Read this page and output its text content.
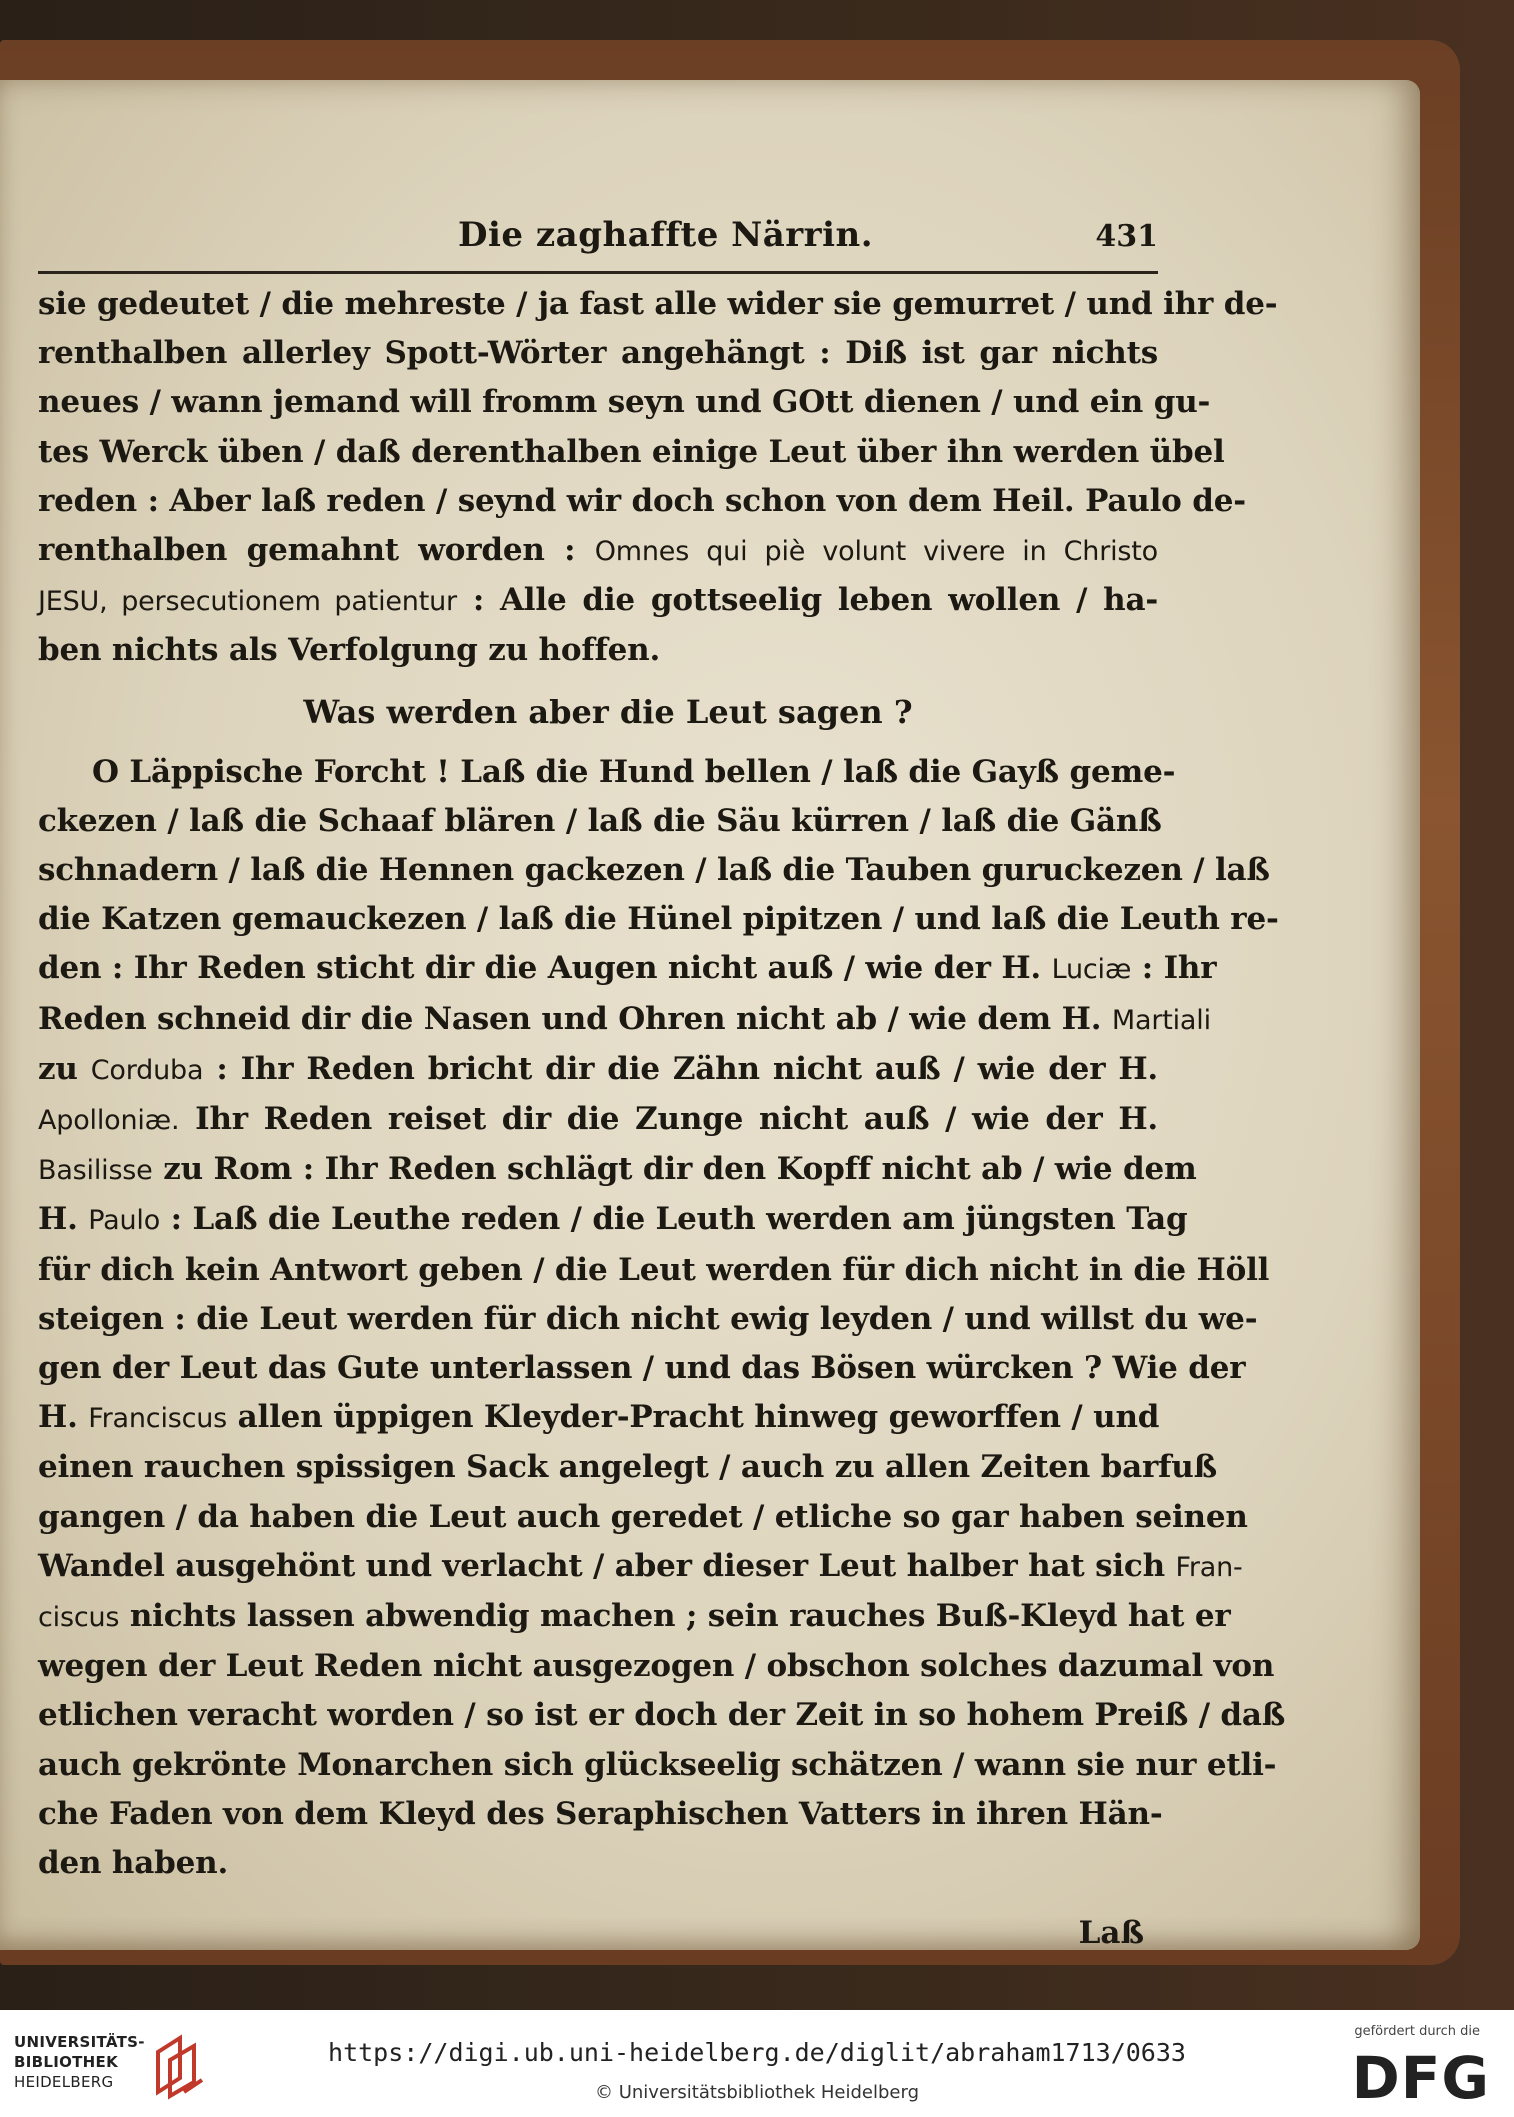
Die zaghaffte Närrin.	431
sie gedeutet / die mehreste / ja fast alle wider sie gemurret / und ihr de-
renthalben allerley Spott-Wörter angehängt : Diß ist gar nichts
neues / wann jemand will fromm seyn und GOtt dienen / und ein gu-
tes Werck üben / daß derenthalben einige Leut über ihn werden übel
reden : Aber laß reden / seynd wir doch schon von dem Heil. Paulo de-
renthalben gemahnt worden : Omnes qui piè volunt vivere in Christo
JESU, persecutionem patientur : Alle die gottseelig leben wollen / ha-
ben nichts als Verfolgung zu hoffen.
Was werden aber die Leut sagen ?
O Läppische Forcht ! Laß die Hund bellen / laß die Gayß geme-
ckezen / laß die Schaaf blären / laß die Säu kürren / laß die Gänß
schnadern / laß die Hennen gackezen / laß die Tauben guruckezen / laß
die Katzen gemauckezen / laß die Hünel pipitzen / und laß die Leuth re-
den : Ihr Reden sticht dir die Augen nicht auß / wie der H. Luciæ : Ihr
Reden schneid dir die Nasen und Ohren nicht ab / wie dem H. Martiali
zu Corduba : Ihr Reden bricht dir die Zähn nicht auß / wie der H.
Apolloniæ. Ihr Reden reiset dir die Zunge nicht auß / wie der H.
Basilisse zu Rom : Ihr Reden schlägt dir den Kopff nicht ab / wie dem
H. Paulo : Laß die Leuthe reden / die Leuth werden am jüngsten Tag
für dich kein Antwort geben / die Leut werden für dich nicht in die Höll
steigen : die Leut werden für dich nicht ewig leyden / und willst du we-
gen der Leut das Gute unterlassen / und das Bösen würcken ? Wie der
H. Franciscus allen üppigen Kleyder-Pracht hinweg geworffen / und
einen rauchen spissigen Sack angelegt / auch zu allen Zeiten barfuß
gangen / da haben die Leut auch geredet / etliche so gar haben seinen
Wandel ausgehönt und verlacht / aber dieser Leut halber hat sich Fran-
ciscus nichts lassen abwendig machen ; sein rauches Buß-Kleyd hat er
wegen der Leut Reden nicht ausgezogen / obschon solches dazumal von
etlichen veracht worden / so ist er doch der Zeit in so hohem Preiß / daß
auch gekrönte Monarchen sich glückseelig schätzen / wann sie nur etli-
che Faden von dem Kleyd des Seraphischen Vatters in ihren Hän-
den haben.
Laß
UNIVERSITÄTS-
BIBLIOTHEK
HEIDELBERG
https://digi.ub.uni-heidelberg.de/diglit/abraham1713/0633
© Universitätsbibliothek Heidelberg
gefördert durch die
DFG
